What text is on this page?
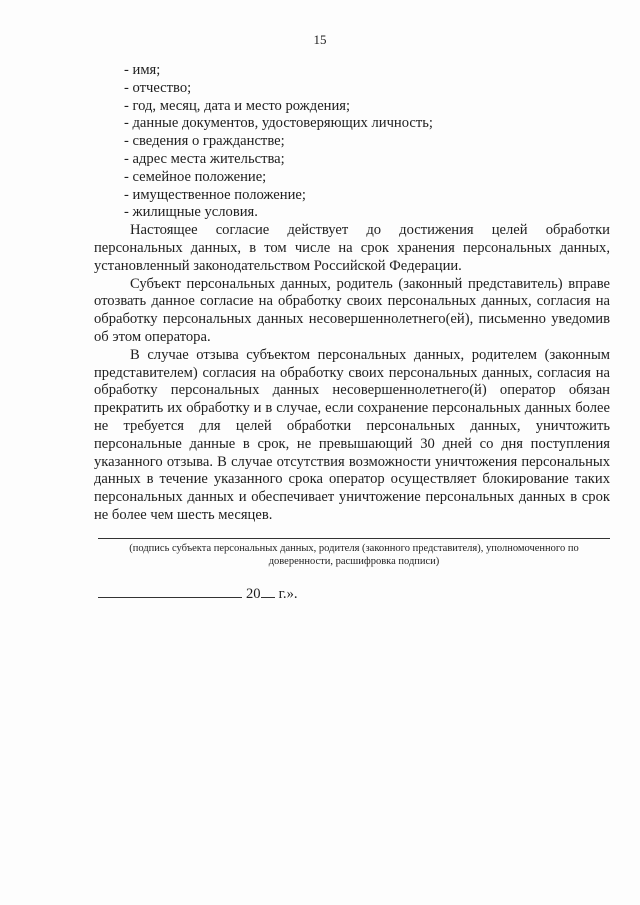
15
- имя;
- отчество;
- год, месяц, дата и место рождения;
- данные документов, удостоверяющих личность;
- сведения о гражданстве;
- адрес места жительства;
- семейное положение;
- имущественное положение;
- жилищные условия.

Настоящее согласие действует до достижения целей обработки персональных данных, в том числе на срок хранения персональных данных, установленный законодательством Российской Федерации.

Субъект персональных данных, родитель (законный представитель) вправе отозвать данное согласие на обработку своих персональных данных, согласия на обработку персональных данных несовершеннолетнего(ей), письменно уведомив об этом оператора.

В случае отзыва субъектом персональных данных, родителем (законным представителем) согласия на обработку своих персональных данных, согласия на обработку персональных данных несовершеннолетнего(й) оператор обязан прекратить их обработку и в случае, если сохранение персональных данных более не требуется для целей обработки персональных данных, уничтожить персональные данные в срок, не превышающий 30 дней со дня поступления указанного отзыва. В случае отсутствия возможности уничтожения персональных данных в течение указанного срока оператор осуществляет блокирование таких персональных данных и обеспечивает уничтожение персональных данных в срок не более чем шесть месяцев.

(подпись субъекта персональных данных, родителя (законного представителя), уполномоченного по доверенности, расшифровка подписи)
20 г.».
